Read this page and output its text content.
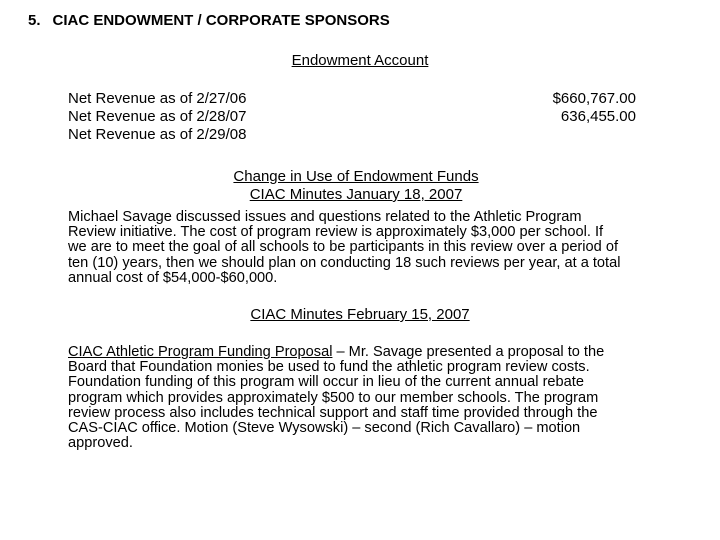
5. CIAC ENDOWMENT / CORPORATE SPONSORS
Endowment Account
Net Revenue as of 2/27/06
Net Revenue as of 2/28/07
Net Revenue as of 2/29/08
$660,767.00
636,455.00
Change in Use of Endowment Funds
CIAC Minutes January 18, 2007
Michael Savage discussed issues and questions related to the Athletic Program
Review initiative. The cost of program review is approximately $3,000 per school. If
we are to meet the goal of all schools to be participants in this review over a period of
ten (10) years, then we should plan on conducting 18 such reviews per year, at a total
annual cost of $54,000-$60,000.
CIAC Minutes February 15, 2007
CIAC Athletic Program Funding Proposal – Mr. Savage presented a proposal to the
Board that Foundation monies be used to fund the athletic program review costs.
Foundation funding of this program will occur in lieu of the current annual rebate
program which provides approximately $500 to our member schools. The program
review process also includes technical support and staff time provided through the
CAS-CIAC office. Motion (Steve Wysowski) – second (Rich Cavallaro) – motion
approved.
